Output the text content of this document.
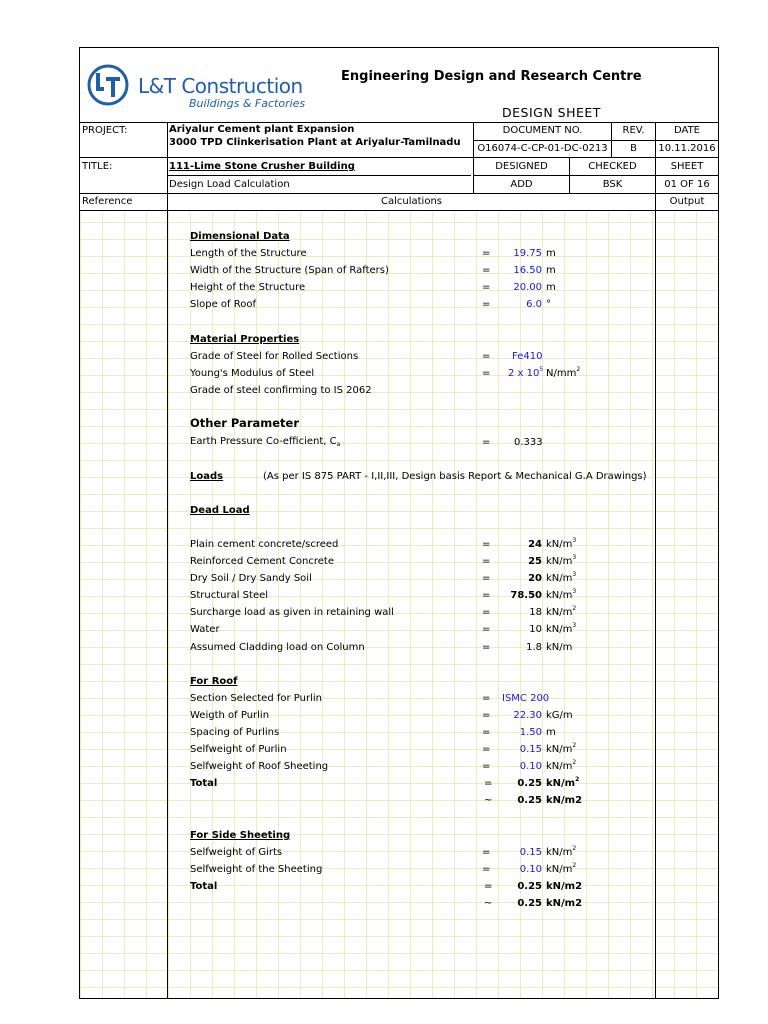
L&T Construction
Buildings & Factories
Engineering Design and Research Centre
DESIGN SHEET
PROJECT:	Ariyalur Cement plant Expansion
3000 TPD Clinkerisation Plant at Ariyalur-Tamilnadu
TITLE:	111-Lime Stone Crusher Building
Design Load Calculation
DOCUMENT NO.	REV.	DATE
O16074-C-CP-01-DC-0213	B	10.11.2016
DESIGNED	CHECKED	SHEET
ADD	BSK	01 OF 16
Reference	Calculations	Output
Dimensional Data
Length of the Structure	=	19.75 m
Width of the Structure (Span of Rafters)	=	16.50 m
Height of the Structure	=	20.00 m
Slope of Roof	=	6.0 °
Material Properties
Grade of Steel for Rolled Sections	= Fe410
Young's Modulus of Steel	= 2 x $10^5$ $N/mm^2$
Grade of steel confirming to IS 2062
Other Parameter
Earth Pressure Co-efficient, Ca	= 0.333
Loads	(As per IS 875 PART - I,II,III, Design basis Report & Mechanical G.A Drawings)
Dead Load
Plain cement concrete/screed	=	24 $kN/m^3$
Reinforced Cement Concrete	=	25 $kN/m^3$
Dry Soil / Dry Sandy Soil	=	20 $kN/m^3$
Structural Steel	=	78.50 $kN/m^3$
Surcharge load as given in retaining wall	=	18 $kN/m^2$
Water	=	10 $kN/m^3$
Assumed Cladding load on Column	=	1.8 kN/m
For Roof
Section Selected for Purlin	= ISMC 200
Weigth of Purlin	=	22.30 kG/m
Spacing of Purlins	=	1.50 m
Selfweight of Purlin	=	0.15 $kN/m^2$
Selfweight of Roof Sheeting	=	0.10 $kN/m^2$
Total	=	0.25 $kN/m^2$
~	0.25 kN/m2
For Side Sheeting
Selfweight of Girts	=	0.15 $kN/m^2$
Selfweight of the Sheeting	=	0.10 $kN/m^2$
Total	=	0.25 kN/m2
~	0.25 kN/m2
